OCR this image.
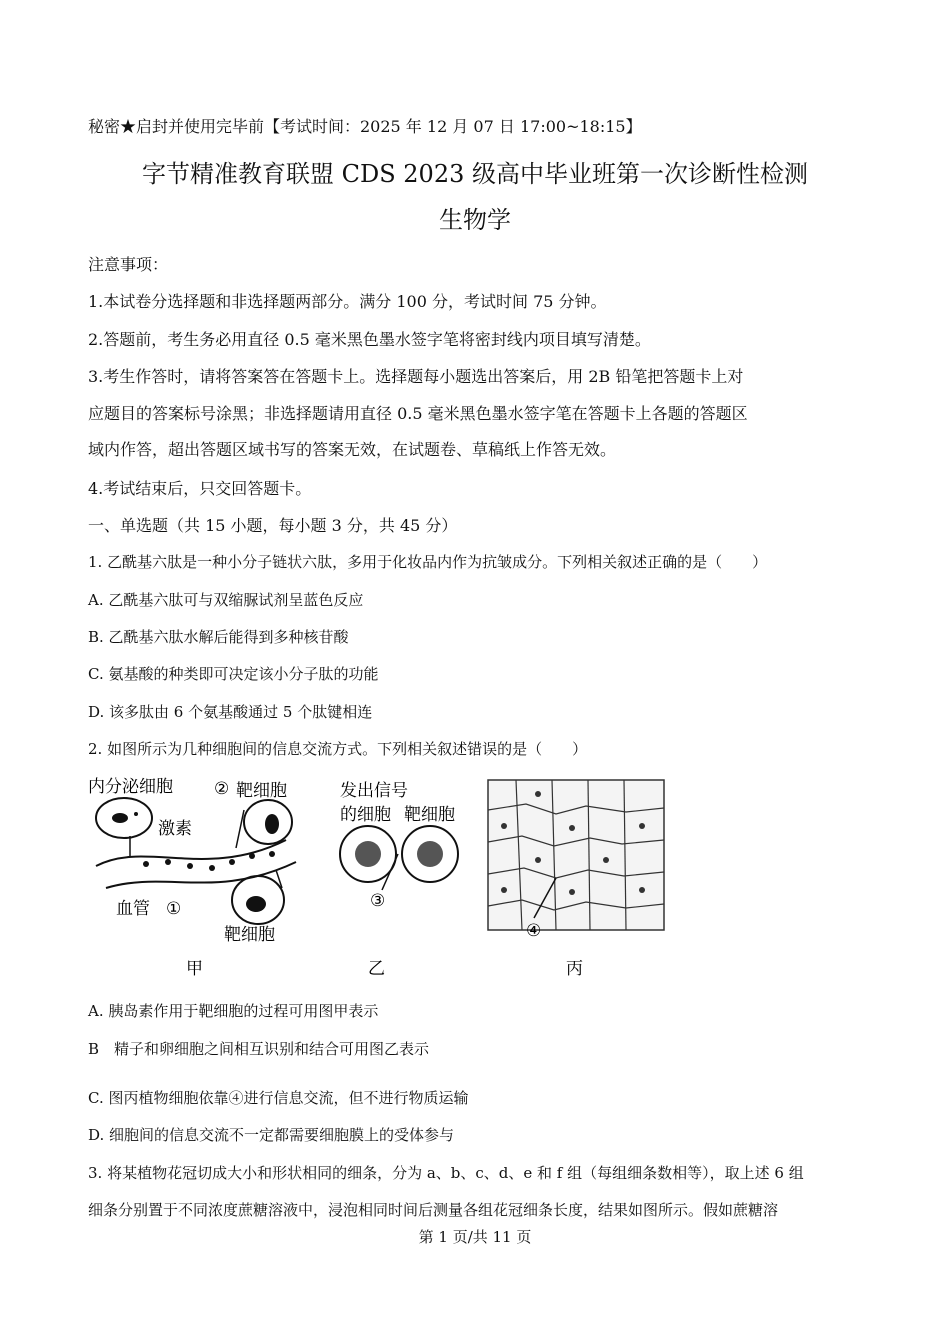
秘密★启封并使用完毕前【考试时间：2025 年 12 月 07 日 17:00~18:15】
字节精准教育联盟 CDS 2023 级高中毕业班第一次诊断性检测
生物学
注意事项：
1.本试卷分选择题和非选择题两部分。满分 100 分，考试时间 75 分钟。
2.答题前，考生务必用直径 0.5 毫米黑色墨水签字笔将密封线内项目填写清楚。
3.考生作答时，请将答案答在答题卡上。选择题每小题选出答案后，用 2B 铅笔把答题卡上对
应题目的答案标号涂黑；非选择题请用直径 0.5 毫米黑色墨水签字笔在答题卡上各题的答题区
域内作答，超出答题区域书写的答案无效，在试题卷、草稿纸上作答无效。
4.考试结束后，只交回答题卡。
一、单选题（共 15 小题，每小题 3 分，共 45 分）
1. 乙酰基六肽是一种小分子链状六肽，多用于化妆品内作为抗皱成分。下列相关叙述正确的是（　　）
A. 乙酰基六肽可与双缩脲试剂呈蓝色反应
B. 乙酰基六肽水解后能得到多种核苷酸
C. 氨基酸的种类即可决定该小分子肽的功能
D. 该多肽由 6 个氨基酸通过 5 个肽键相连
2. 如图所示为几种细胞间的信息交流方式。下列相关叙述错误的是（　　）
内分泌细胞 ② 靶细胞
激素
血管 ①
靶细胞
甲
发出信号
的细胞 靶细胞
③
乙
④
丙
A. 胰岛素作用于靶细胞的过程可用图甲表示
B　精子和卵细胞之间相互识别和结合可用图乙表示
C. 图丙植物细胞依靠④进行信息交流，但不进行物质运输
D. 细胞间的信息交流不一定都需要细胞膜上的受体参与
3. 将某植物花冠切成大小和形状相同的细条，分为 a、b、c、d、e 和 f 组（每组细条数相等），取上述 6 组
细条分别置于不同浓度蔗糖溶液中，浸泡相同时间后测量各组花冠细条长度，结果如图所示。假如蔗糖溶
第 1 页/共 11 页
